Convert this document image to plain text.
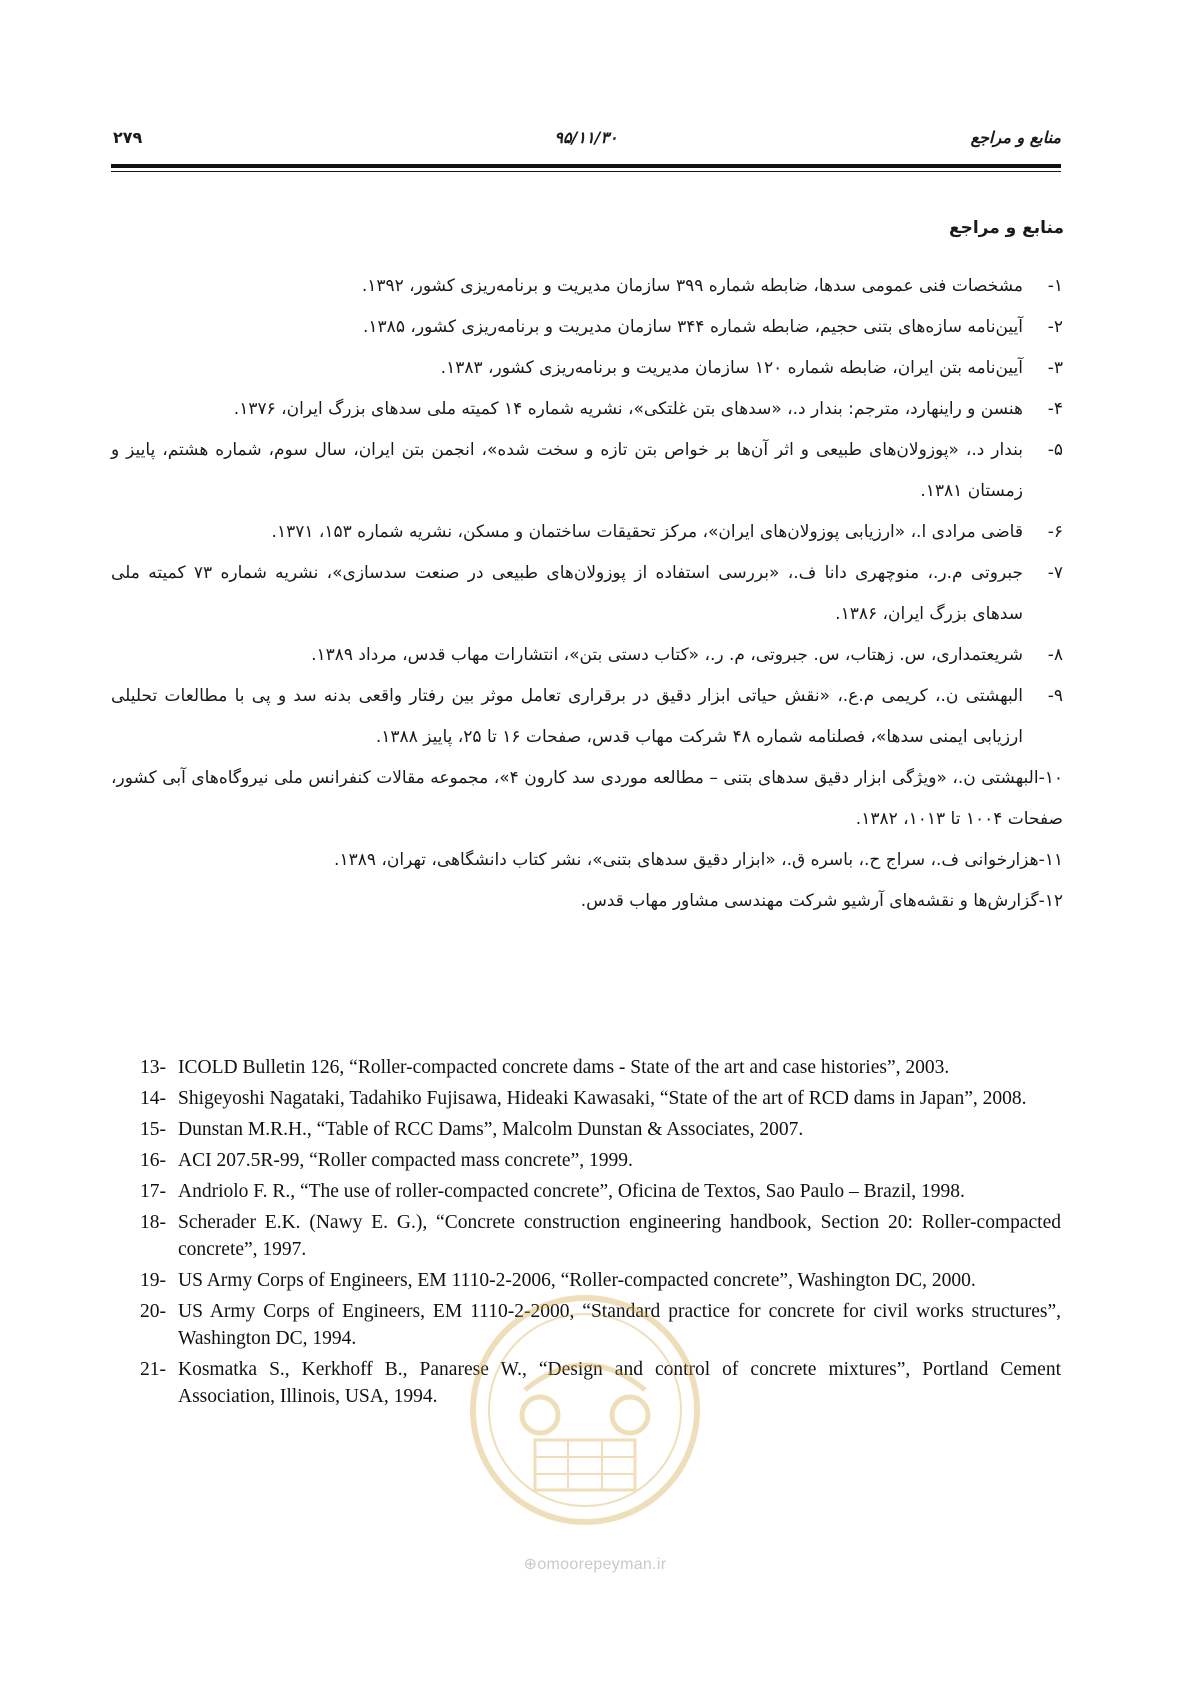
۲۷۹	۹۵/۱۱/۳۰	منابع و مراجع
منابع و مراجع
۱-
مشخصات فنی عمومی سدها، ضابطه شماره ۳۹۹ سازمان مدیریت و برنامه‌ریزی کشور، ۱۳۹۲.
۲-
آیین‌نامه سازه‌های بتنی حجیم، ضابطه شماره ۳۴۴ سازمان مدیریت و برنامه‌ریزی کشور، ۱۳۸۵.
۳-
آیین‌نامه بتن ایران، ضابطه شماره ۱۲۰ سازمان مدیریت و برنامه‌ریزی کشور، ۱۳۸۳.
۴-
هنسن و راینهارد، مترجم: بندار د.، «سدهای بتن غلتکی»، نشریه شماره ۱۴ کمیته ملی سدهای بزرگ ایران، ۱۳۷۶.
۵-
بندار د.، «پوزولان‌های طبیعی و اثر آن‌ها بر خواص بتن تازه و سخت شده»، انجمن بتن ایران، سال سوم، شماره هشتم، پاییز و زمستان ۱۳۸۱.
۶-
قاضی مرادی ا.، «ارزیابی پوزولان‌های ایران»، مرکز تحقیقات ساختمان و مسکن، نشریه شماره ۱۵۳، ۱۳۷۱.
۷-
جبروتی م.ر.، منوچهری دانا ف.، «بررسی استفاده از پوزولان‌های طبیعی در صنعت سدسازی»، نشریه شماره ۷۳ کمیته ملی سدهای بزرگ ایران، ۱۳۸۶.
۸-
شریعتمداری، س. زهتاب، س. جبروتی، م. ر.، «کتاب دستی بتن»، انتشارات مهاب قدس، مرداد ۱۳۸۹.
۹-
البهشتی ن.، کریمی م.ع.، «نقش حیاتی ابزار دقیق در برقراری تعامل موثر بین رفتار واقعی بدنه سد و پی با مطالعات تحلیلی ارزیابی ایمنی سدها»، فصلنامه شماره ۴۸ شرکت مهاب قدس، صفحات ۱۶ تا ۲۵، پاییز ۱۳۸۸.
۱۰-البهشتی ن.، «ویژگی ابزار دقیق سدهای بتنی – مطالعه موردی سد کارون ۴»، مجموعه مقالات کنفرانس ملی نیروگاه‌های آبی کشور، صفحات ۱۰۰۴ تا ۱۰۱۳، ۱۳۸۲.
۱۱-هزارخوانی ف.، سراج ح.، باسره ق.، «ابزار دقیق سدهای بتنی»، نشر کتاب دانشگاهی، تهران، ۱۳۸۹.
۱۲-گزارش‌ها و نقشه‌های آرشیو شرکت مهندسی مشاور مهاب قدس.
13- ICOLD Bulletin 126, “Roller-compacted concrete dams - State of the art and case histories”, 2003.
14- Shigeyoshi Nagataki, Tadahiko Fujisawa, Hideaki Kawasaki, “State of the art of RCD dams in Japan”, 2008.
15- Dunstan M.R.H., “Table of RCC Dams”, Malcolm Dunstan & Associates, 2007.
16- ACI 207.5R-99, “Roller compacted mass concrete”, 1999.
17- Andriolo F. R., “The use of roller-compacted concrete”, Oficina de Textos, Sao Paulo – Brazil, 1998.
18- Scherader E.K. (Nawy E. G.), “Concrete construction engineering handbook, Section 20: Roller-compacted concrete”, 1997.
19- US Army Corps of Engineers, EM 1110-2-2006, “Roller-compacted concrete”, Washington DC, 2000.
20- US Army Corps of Engineers, EM 1110-2-2000, “Standard practice for concrete for civil works structures”, Washington DC, 1994.
21- Kosmatka S., Kerkhoff B., Panarese W., “Design and control of concrete mixtures”, Portland Cement Association, Illinois, USA, 1994.
⊕omoorepeyman.ir
